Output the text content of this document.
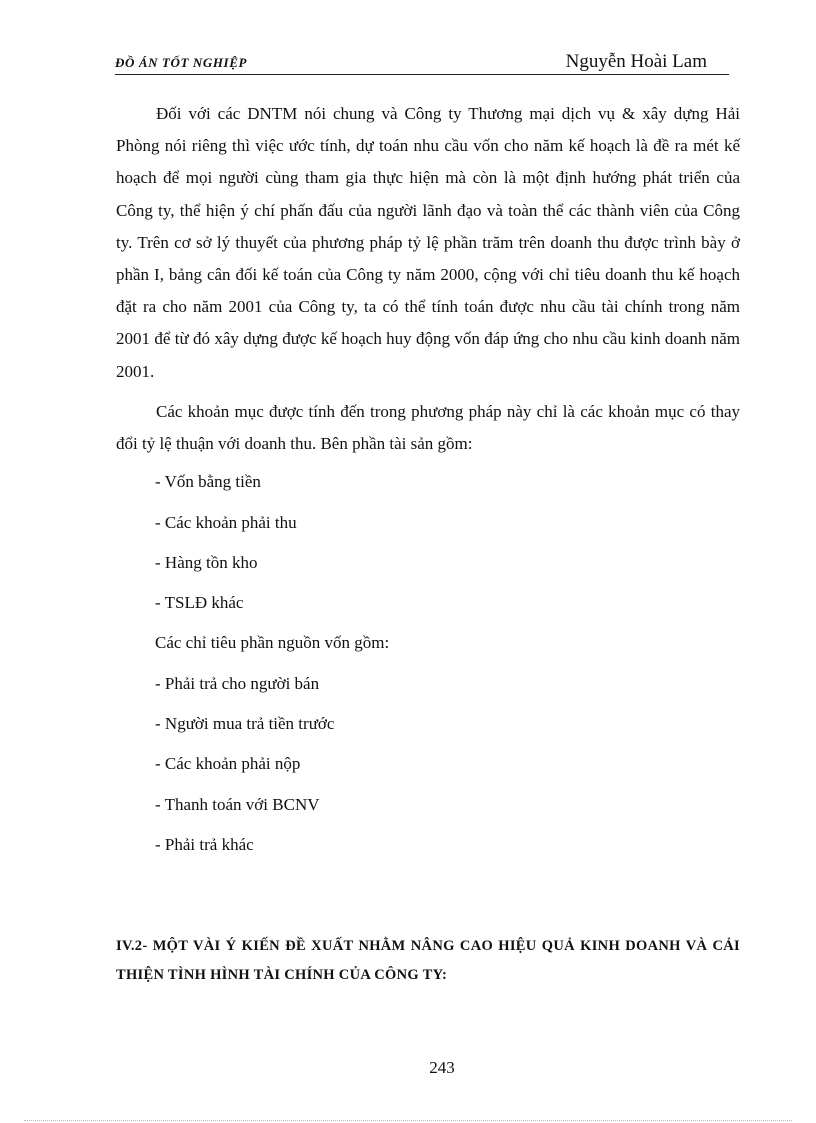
ĐỒ ÁN TỐT NGHIỆP	Nguyễn Hoài Lam

Đối với các DNTM nói chung và Công ty Thương mại dịch vụ & xây dựng Hải Phòng nói riêng thì việc ước tính, dự toán nhu cầu vốn cho năm kế hoạch là đề ra mét kế hoạch để mọi người cùng tham gia thực hiện mà còn là một định hướng phát triển của Công ty, thể hiện ý chí phấn đấu của người lãnh đạo và toàn thể các thành viên của Công ty. Trên cơ sở lý thuyết của phương pháp tỷ lệ phần trăm trên doanh thu được trình bày ở phần I, bảng cân đối kế toán của Công ty năm 2000, cộng với chỉ tiêu doanh thu kế hoạch đặt ra cho năm 2001 của Công ty, ta có thể tính toán được nhu cầu tài chính trong năm 2001 để từ đó xây dựng được kế hoạch huy động vốn đáp ứng cho nhu cầu kinh doanh năm 2001.

Các khoản mục được tính đến trong phương pháp này chỉ là các khoản mục có thay đổi tỷ lệ thuận với doanh thu. Bên phần tài sản gồm:

- Vốn bằng tiền
- Các khoản phải thu
- Hàng tồn kho
- TSLĐ khác

Các chỉ tiêu phần nguồn vốn gồm:

- Phải trả cho người bán
- Người mua trả tiền trước
- Các khoản phải nộp
- Thanh toán với BCNV
- Phải trả khác
IV.2- MỘT VÀI Ý KIẾN ĐỀ XUẤT NHẰM NÂNG CAO HIỆU QUẢ KINH DOANH VÀ CẢI THIỆN TÌNH HÌNH TÀI CHÍNH CỦA CÔNG TY:
243
